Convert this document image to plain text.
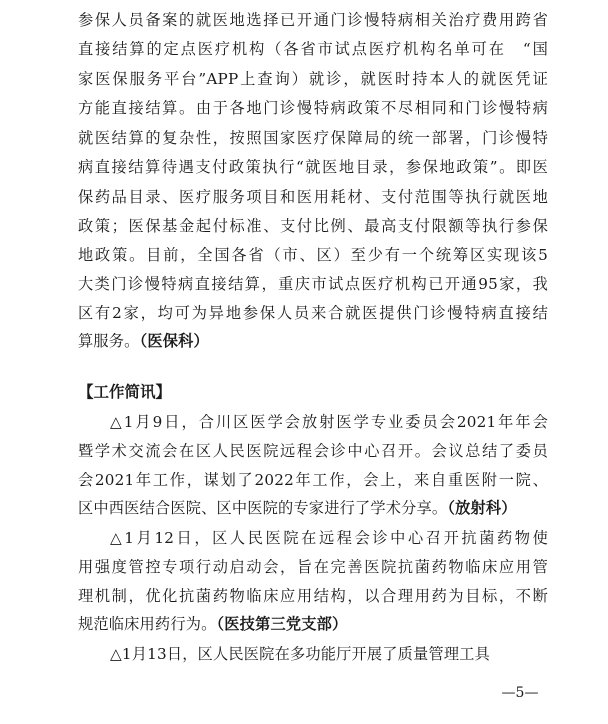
参保人员备案的就医地选择已开通门诊慢特病相关治疗费用跨省
直接结算的定点医疗机构（各省市试点医疗机构名单可在　“国
家医保服务平台”APP上查询）就诊，就医时持本人的就医凭证
方能直接结算。由于各地门诊慢特病政策不尽相同和门诊慢特病
就医结算的复杂性，按照国家医疗保障局的统一部署，门诊慢特
病直接结算待遇支付政策执行“就医地目录，参保地政策”。即医
保药品目录、医疗服务项目和医用耗材、支付范围等执行就医地
政策；医保基金起付标准、支付比例、最高支付限额等执行参保
地政策。目前，全国各省（市、区）至少有一个统筹区实现该5
大类门诊慢特病直接结算，重庆市试点医疗机构已开通95家，我
区有2家，均可为异地参保人员来合就医提供门诊慢特病直接结
算服务。（医保科）
【工作简讯】
△1月9日，合川区医学会放射医学专业委员会2021年年会
暨学术交流会在区人民医院远程会诊中心召开。会议总结了委员
会2021年工作，谋划了2022年工作，会上，来自重医附一院、
区中西医结合医院、区中医院的专家进行了学术分享。（放射科）
△1月12日，区人民医院在远程会诊中心召开抗菌药物使
用强度管控专项行动启动会，旨在完善医院抗菌药物临床应用管
理机制，优化抗菌药物临床应用结构，以合理用药为目标，不断
规范临床用药行为。（医技第三党支部）
△1月13日，区人民医院在多功能厅开展了质量管理工具
—5—
